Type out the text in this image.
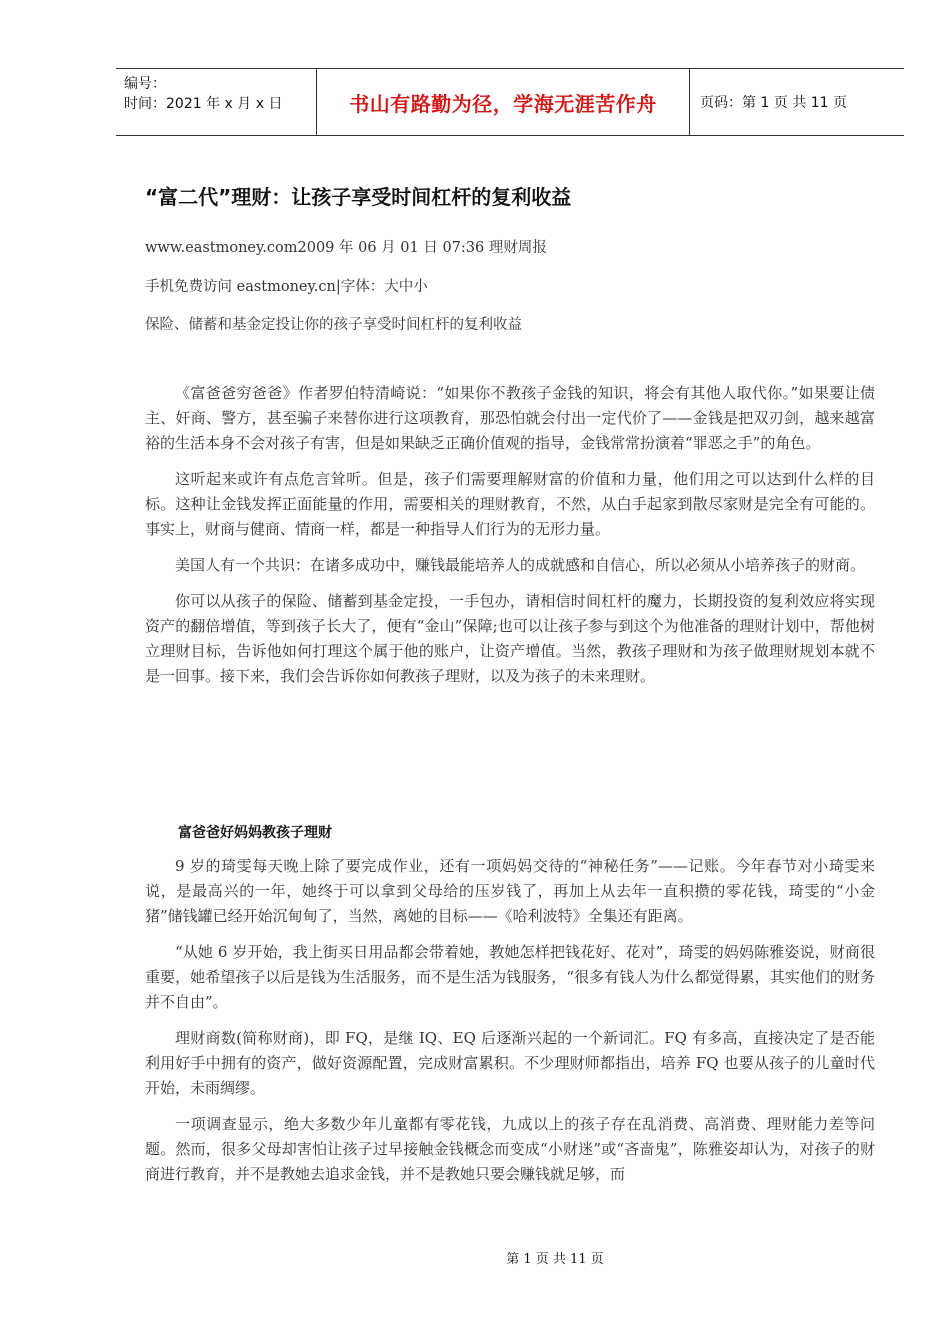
编号：
时间：2021 年 x 月 x 日	书山有路勤为径，学海无涯苦作舟	页码：第 1 页 共 11 页
“富二代”理财：让孩子享受时间杠杆的复利收益
www.eastmoney.com2009 年 06 月 01 日 07:36 理财周报
手机免费访问 eastmoney.cn|字体：大中小
保险、储蓄和基金定投让你的孩子享受时间杠杆的复利收益

《富爸爸穷爸爸》作者罗伯特清崎说：“如果你不教孩子金钱的知识，将会有其他人取代你。”如果要让债主、奸商、警方，甚至骗子来替你进行这项教育，那恐怕就会付出一定代价了——金钱是把双刃剑，越来越富裕的生活本身不会对孩子有害，但是如果缺乏正确价值观的指导，金钱常常扮演着“罪恶之手”的角色。

这听起来或许有点危言耸听。但是，孩子们需要理解财富的价值和力量，他们用之可以达到什么样的目标。这种让金钱发挥正面能量的作用，需要相关的理财教育，不然，从白手起家到散尽家财是完全有可能的。事实上，财商与健商、情商一样，都是一种指导人们行为的无形力量。

美国人有一个共识：在诸多成功中，赚钱最能培养人的成就感和自信心，所以必须从小培养孩子的财商。

你可以从孩子的保险、储蓄到基金定投，一手包办，请相信时间杠杆的魔力，长期投资的复利效应将实现资产的翻倍增值，等到孩子长大了，便有“金山”保障;也可以让孩子参与到这个为他准备的理财计划中，帮他树立理财目标，告诉他如何打理这个属于他的账户，让资产增值。当然，教孩子理财和为孩子做理财规划本就不是一回事。接下来，我们会告诉你如何教孩子理财，以及为孩子的未来理财。

富爸爸好妈妈教孩子理财

9 岁的琦雯每天晚上除了要完成作业，还有一项妈妈交待的“神秘任务”——记账。今年春节对小琦雯来说，是最高兴的一年，她终于可以拿到父母给的压岁钱了，再加上从去年一直积攒的零花钱，琦雯的“小金猪”储钱罐已经开始沉甸甸了，当然，离她的目标——《哈利波特》全集还有距离。

“从她 6 岁开始，我上街买日用品都会带着她，教她怎样把钱花好、花对”，琦雯的妈妈陈雅姿说，财商很重要，她希望孩子以后是钱为生活服务，而不是生活为钱服务，“很多有钱人为什么都觉得累，其实他们的财务并不自由”。

理财商数(简称财商)，即 FQ，是继 IQ、EQ 后逐渐兴起的一个新词汇。FQ 有多高，直接决定了是否能利用好手中拥有的资产，做好资源配置，完成财富累积。不少理财师都指出，培养 FQ 也要从孩子的儿童时代开始，未雨绸缪。

一项调查显示，绝大多数少年儿童都有零花钱，九成以上的孩子存在乱消费、高消费、理财能力差等问题。然而，很多父母却害怕让孩子过早接触金钱概念而变成“小财迷”或“吝啬鬼”，陈雅姿却认为，对孩子的财商进行教育，并不是教她去追求金钱，并不是教她只要会赚钱就足够，而

第 1 页 共 11 页
